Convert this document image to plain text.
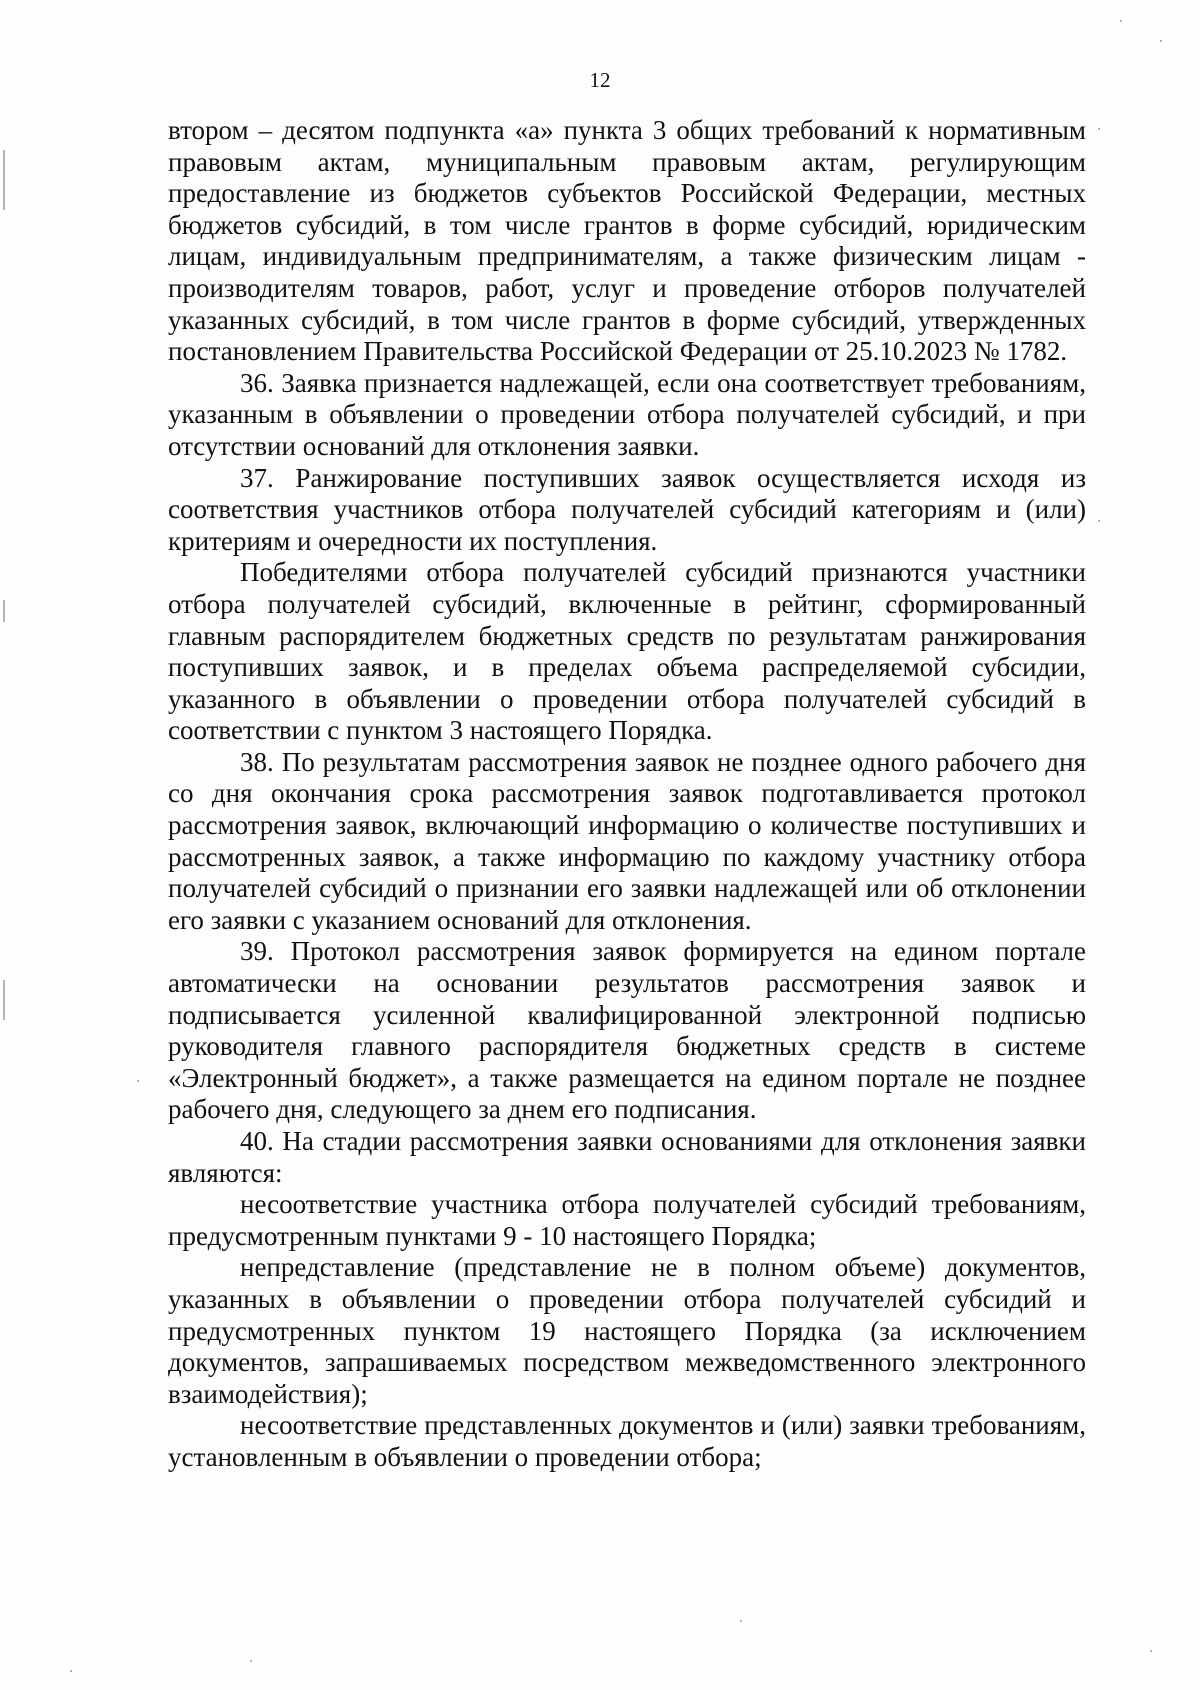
12

втором – десятом подпункта «а» пункта 3 общих требований к нормативным правовым актам, муниципальным правовым актам, регулирующим предоставление из бюджетов субъектов Российской Федерации, местных бюджетов субсидий, в том числе грантов в форме субсидий, юридическим лицам, индивидуальным предпринимателям, а также физическим лицам - производителям товаров, работ, услуг и проведение отборов получателей указанных субсидий, в том числе грантов в форме субсидий, утвержденных постановлением Правительства Российской Федерации от 25.10.2023 № 1782.

36. Заявка признается надлежащей, если она соответствует требованиям, указанным в объявлении о проведении отбора получателей субсидий, и при отсутствии оснований для отклонения заявки.

37. Ранжирование поступивших заявок осуществляется исходя из соответствия участников отбора получателей субсидий категориям и (или) критериям и очередности их поступления.

Победителями отбора получателей субсидий признаются участники отбора получателей субсидий, включенные в рейтинг, сформированный главным распорядителем бюджетных средств по результатам ранжирования поступивших заявок, и в пределах объема распределяемой субсидии, указанного в объявлении о проведении отбора получателей субсидий в соответствии с пунктом 3 настоящего Порядка.

38. По результатам рассмотрения заявок не позднее одного рабочего дня со дня окончания срока рассмотрения заявок подготавливается протокол рассмотрения заявок, включающий информацию о количестве поступивших и рассмотренных заявок, а также информацию по каждому участнику отбора получателей субсидий о признании его заявки надлежащей или об отклонении его заявки с указанием оснований для отклонения.

39. Протокол рассмотрения заявок формируется на едином портале автоматически на основании результатов рассмотрения заявок и подписывается усиленной квалифицированной электронной подписью руководителя главного распорядителя бюджетных средств в системе «Электронный бюджет», а также размещается на едином портале не позднее рабочего дня, следующего за днем его подписания.

40. На стадии рассмотрения заявки основаниями для отклонения заявки являются:

несоответствие участника отбора получателей субсидий требованиям, предусмотренным пунктами 9 - 10 настоящего Порядка;

непредставление (представление не в полном объеме) документов, указанных в объявлении о проведении отбора получателей субсидий и предусмотренных пунктом 19 настоящего Порядка (за исключением документов, запрашиваемых посредством межведомственного электронного взаимодействия);

несоответствие представленных документов и (или) заявки требованиям, установленным в объявлении о проведении отбора;
